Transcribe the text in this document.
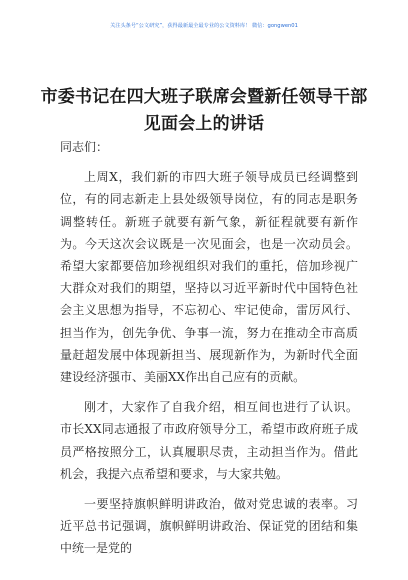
关注头条号“公文研究”，获得最新最全最专业的公文资料库！ 微信：gongwen01
市委书记在四大班子联席会暨新任领导干部见面会上的讲话

同志们：

上周X，我们新的市四大班子领导成员已经调整到位，有的同志新走上县处级领导岗位，有的同志是职务调整转任。新班子就要有新气象，新征程就要有新作为。今天这次会议既是一次见面会，也是一次动员会。希望大家都要倍加珍视组织对我们的重托，倍加珍视广大群众对我们的期望，坚持以习近平新时代中国特色社会主义思想为指导，不忘初心、牢记使命，雷厉风行、担当作为，创先争优、争事一流，努力在推动全市高质量赶超发展中体现新担当、展现新作为，为新时代全面建设经济强市、美丽XX作出自己应有的贡献。

刚才，大家作了自我介绍，相互间也进行了认识。市长XX同志通报了市政府领导分工，希望市政府班子成员严格按照分工，认真履职尽责，主动担当作为。借此机会，我提六点希望和要求，与大家共勉。

一要坚持旗帜鲜明讲政治，做对党忠诚的表率。习近平总书记强调，旗帜鲜明讲政治、保证党的团结和集中统一是党的
